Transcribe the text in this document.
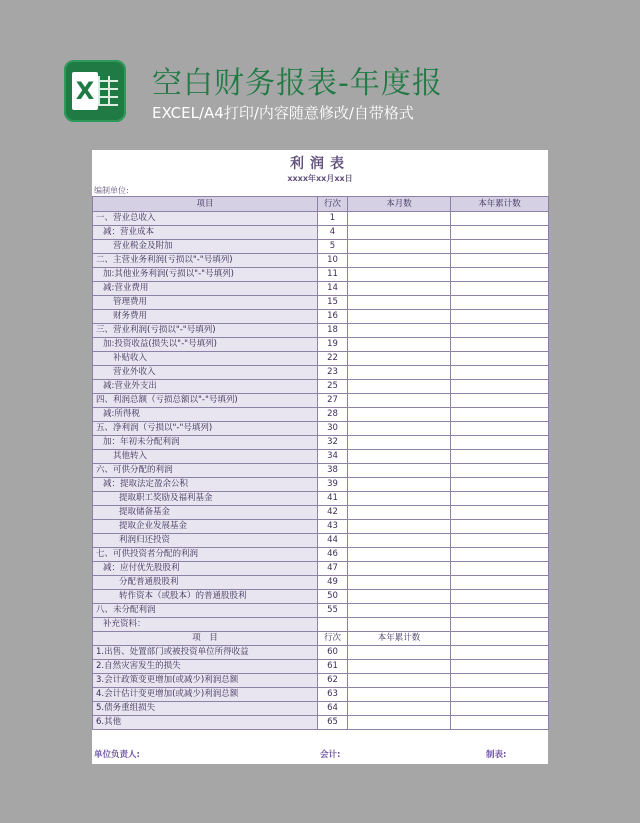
X 空白财务报表-年度报
EXCEL/A4打印/内容随意修改/自带格式
利润表
xxxx年xx月xx日
编制单位:
项目	行次	本月数	本年累计数
一、营业总收入	1		
减：营业成本	4		
营业税金及附加	5		
二、主营业务利润(亏损以"-"号填列)	10		
加:其他业务利润(亏损以"-"号填列)	11		
减:营业费用	14		
管理费用	15		
财务费用	16		
三、营业利润(亏损以"-"号填列)	18		
加:投资收益(损失以"-"号填列)	19		
补贴收入	22		
营业外收入	23		
减:营业外支出	25		
四、利润总额（亏损总额以"-"号填列)	27		
减:所得税	28		
五、净利润（亏损以"-"号填列)	30		
加：年初未分配利润	32		
其他转入	34		
六、可供分配的利润	38		
减：提取法定盈余公积	39		
提取职工奖励及福利基金	41		
提取储备基金	42		
提取企业发展基金	43		
利润归还投资	44		
七、可供投资者分配的利润	46		
减：应付优先股股利	47		
分配普通股股利	49		
转作资本（或股本）的普通股股利	50		
八、未分配利润	55		
补充资料：			
项　目	行次	本年累计数	
1.出售、处置部门或被投资单位所得收益	60		
2.自然灾害发生的损失	61		
3.会计政策变更增加(或减少)利润总额	62		
4.会计估计变更增加(或减少)利润总额	63		
5.债务重组损失	64		
6.其他	65		
单位负责人:	会计:	制表:
